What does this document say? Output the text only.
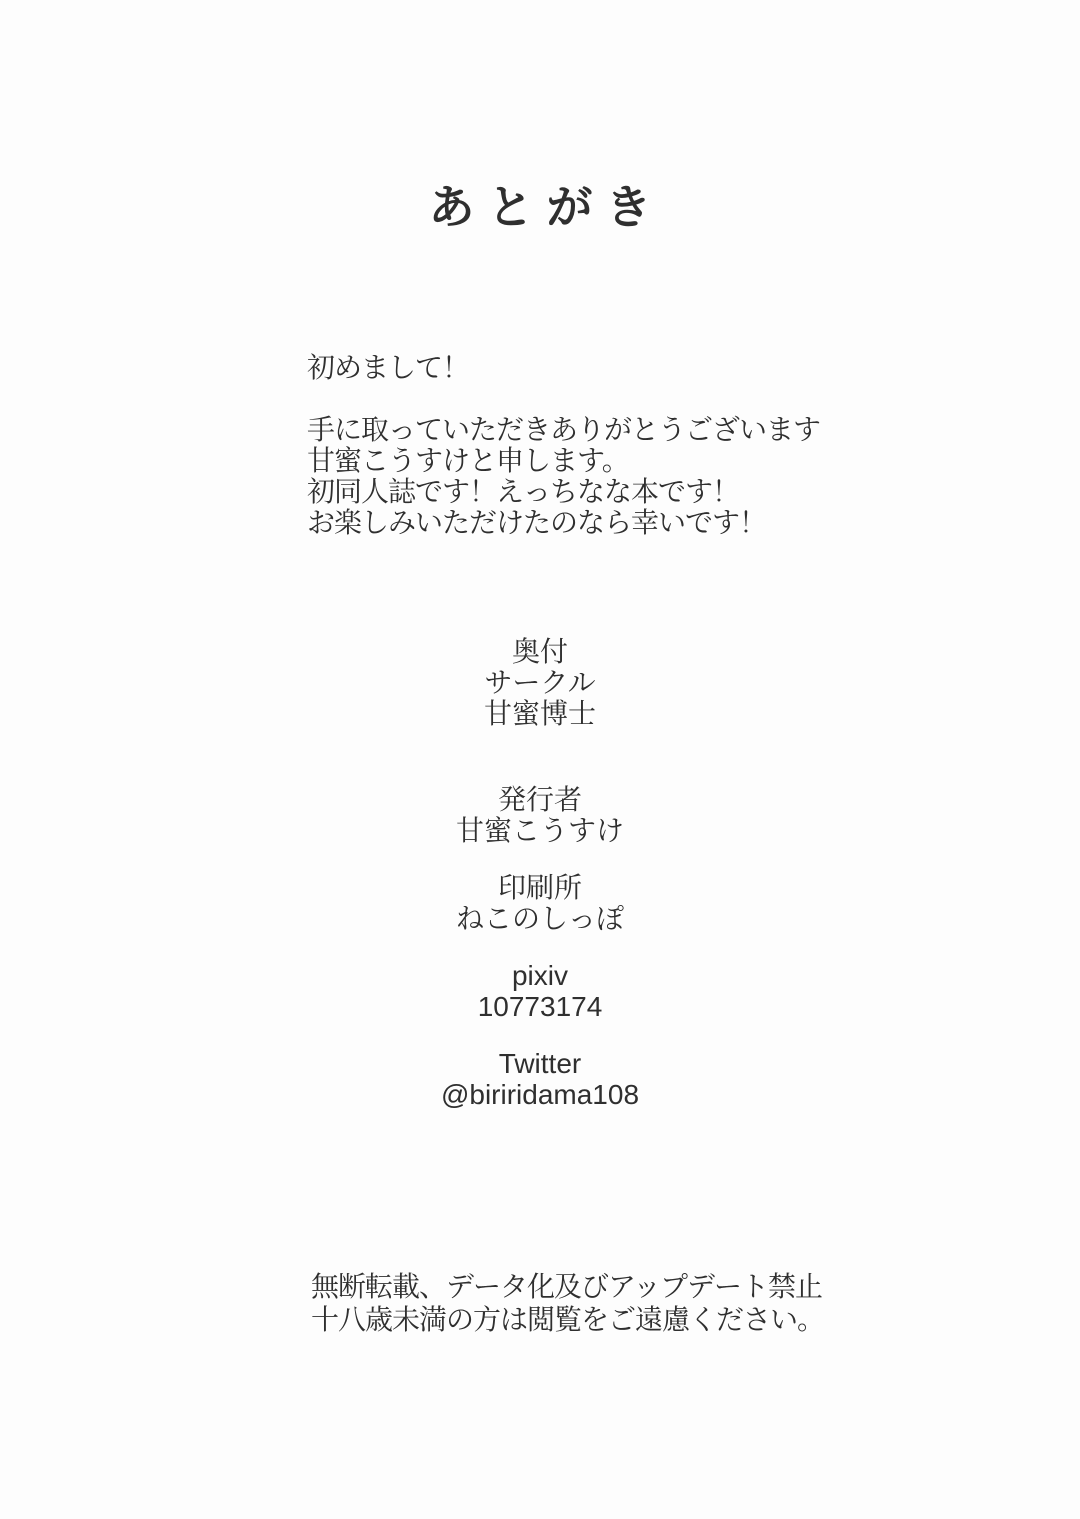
あとがき

初めまして！

手に取っていただきありがとうございます

甘蜜こうすけと申します。

初同人誌です！えっちなな本です！

お楽しみいただけたのなら幸いです！

奥付

サークル

甘蜜博士

発行者

甘蜜こうすけ

印刷所

ねこのしっぽ

pixiv

10773174

Twitter

@biriridama108

無断転載、データ化及びアップデート禁止

十八歳未満の方は閲覧をご遠慮ください。
